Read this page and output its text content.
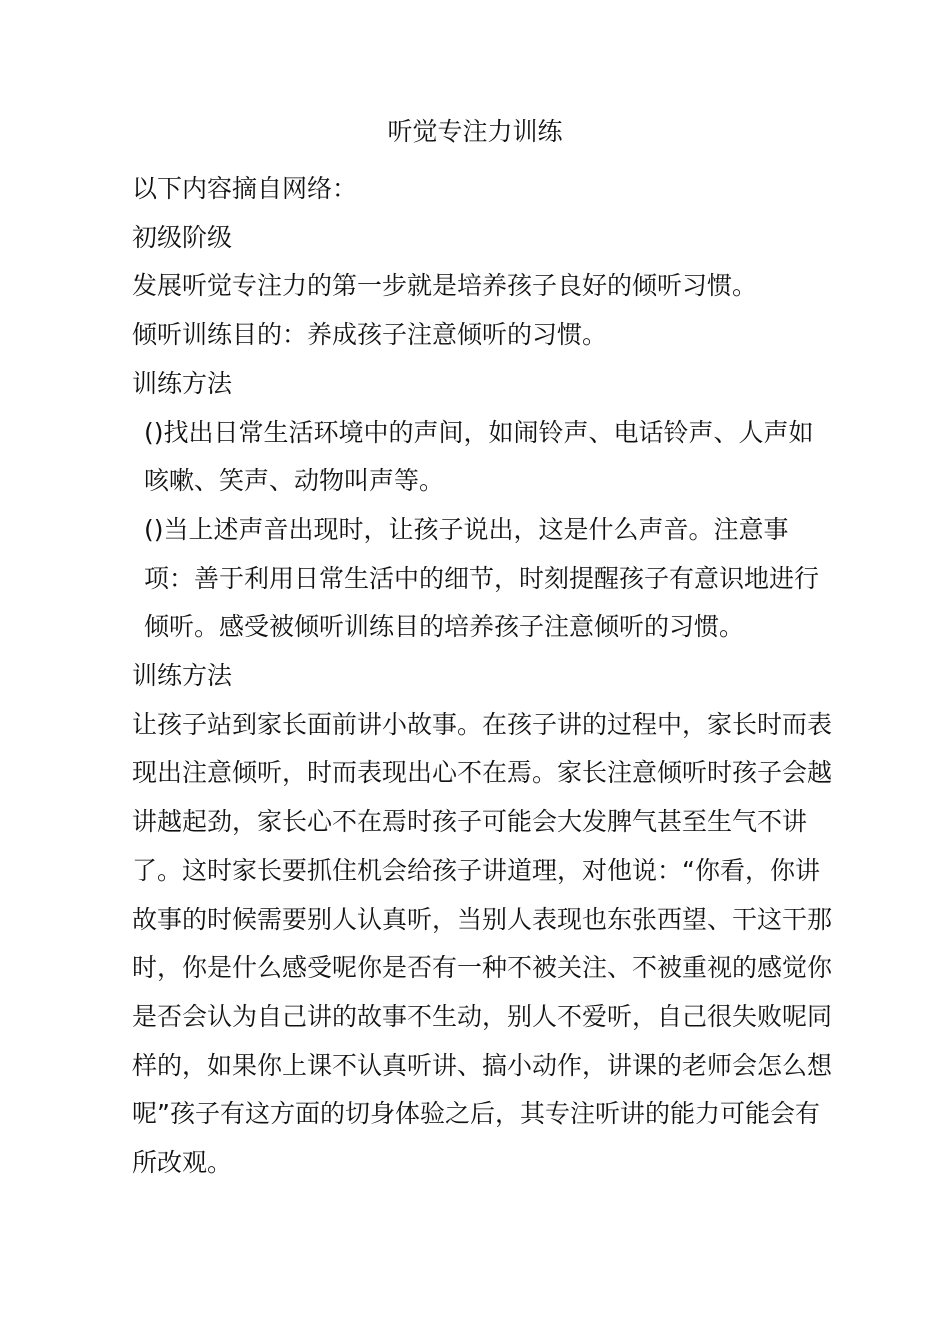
听觉专注力训练

以下内容摘自网络：

初级阶级

发展听觉专注力的第一步就是培养孩子良好的倾听习惯。

倾听训练目的：养成孩子注意倾听的习惯。

训练方法

()找出日常生活环境中的声间，如闹铃声、电话铃声、人声如咳嗽、笑声、动物叫声等。

()当上述声音出现时，让孩子说出，这是什么声音。注意事项：善于利用日常生活中的细节，时刻提醒孩子有意识地进行倾听。感受被倾听训练目的培养孩子注意倾听的习惯。

训练方法

让孩子站到家长面前讲小故事。在孩子讲的过程中，家长时而表现出注意倾听，时而表现出心不在焉。家长注意倾听时孩子会越讲越起劲，家长心不在焉时孩子可能会大发脾气甚至生气不讲了。这时家长要抓住机会给孩子讲道理，对他说：“你看，你讲故事的时候需要别人认真听，当别人表现也东张西望、干这干那时，你是什么感受呢你是否有一种不被关注、不被重视的感觉你是否会认为自己讲的故事不生动，别人不爱听，自己很失败呢同样的，如果你上课不认真听讲、搞小动作，讲课的老师会怎么想呢”孩子有这方面的切身体验之后，其专注听讲的能力可能会有所改观。
